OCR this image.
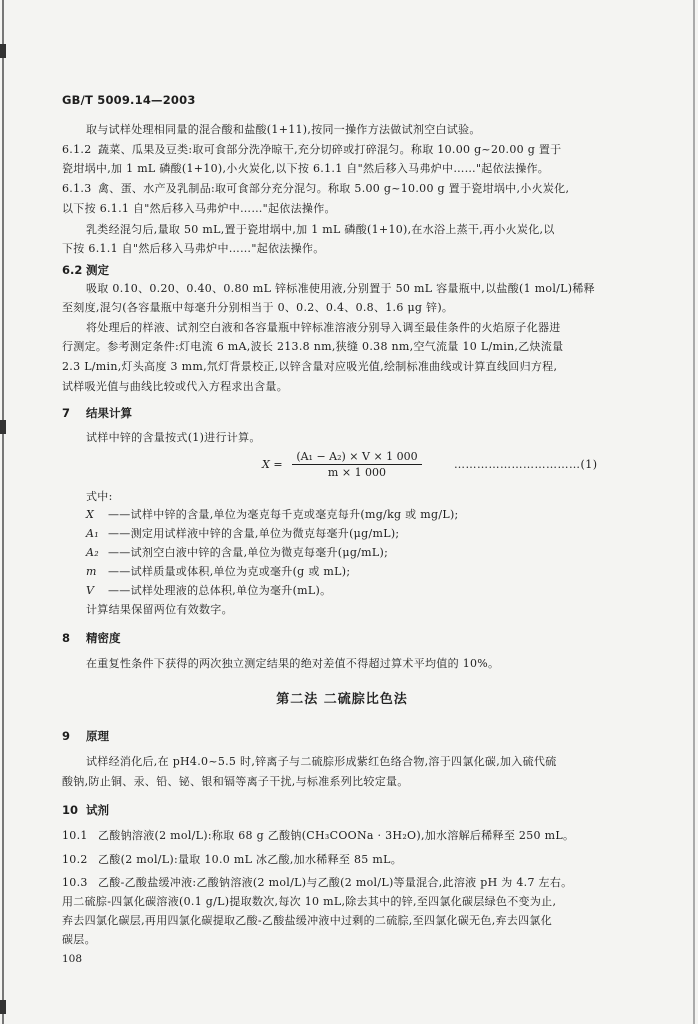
GB/T 5009.14—2003
取与试样处理相同量的混合酸和盐酸(1+11),按同一操作方法做试剂空白试验。
6.1.2 蔬菜、瓜果及豆类:取可食部分洗净晾干,充分切碎或打碎混匀。称取 10.00 g~20.00 g 置于
瓷坩埚中,加 1 mL 磷酸(1+10),小火炭化,以下按 6.1.1 自"然后移入马弗炉中……"起依法操作。
6.1.3 禽、蛋、水产及乳制品:取可食部分充分混匀。称取 5.00 g~10.00 g 置于瓷坩埚中,小火炭化,
以下按 6.1.1 自"然后移入马弗炉中……"起依法操作。
乳类经混匀后,量取 50 mL,置于瓷坩埚中,加 1 mL 磷酸(1+10),在水浴上蒸干,再小火炭化,以
下按 6.1.1 自"然后移入马弗炉中……"起依法操作。
6.2 测定
吸取 0.10、0.20、0.40、0.80 mL 锌标准使用液,分别置于 50 mL 容量瓶中,以盐酸(1 mol/L)稀释
至刻度,混匀(各容量瓶中每毫升分别相当于 0、0.2、0.4、0.8、1.6 μg 锌)。
将处理后的样液、试剂空白液和各容量瓶中锌标准溶液分别导入调至最佳条件的火焰原子化器进
行测定。参考测定条件:灯电流 6 mA,波长 213.8 nm,狭缝 0.38 nm,空气流量 10 L/min,乙炔流量
2.3 L/min,灯头高度 3 mm,氘灯背景校正,以锌含量对应吸光值,绘制标准曲线或计算直线回归方程,
试样吸光值与曲线比较或代入方程求出含量。
7 结果计算
试样中锌的含量按式(1)进行计算。
$X = \frac{\text{(A₁ − A₂) × V × 1 000}}{m \times 1 000}$	……………………………(1)
式中:
X ——试样中锌的含量,单位为毫克每千克或毫克每升(mg/kg 或 mg/L);
A₁ ——测定用试样液中锌的含量,单位为微克每毫升(μg/mL);
A₂ ——试剂空白液中锌的含量,单位为微克每毫升(μg/mL);
m ——试样质量或体积,单位为克或毫升(g 或 mL);
V ——试样处理液的总体积,单位为毫升(mL)。
计算结果保留两位有效数字。
8 精密度
在重复性条件下获得的两次独立测定结果的绝对差值不得超过算术平均值的 10%。
第二法 二硫腙比色法
9 原理
试样经消化后,在 pH4.0~5.5 时,锌离子与二硫腙形成紫红色络合物,溶于四氯化碳,加入硫代硫
酸钠,防止铜、汞、铅、铋、银和镉等离子干扰,与标准系列比较定量。
10 试剂
10.1 乙酸钠溶液(2 mol/L):称取 68 g 乙酸钠(CH₃COONa · 3H₂O),加水溶解后稀释至 250 mL。
10.2 乙酸(2 mol/L):量取 10.0 mL 冰乙酸,加水稀释至 85 mL。
10.3 乙酸-乙酸盐缓冲液:乙酸钠溶液(2 mol/L)与乙酸(2 mol/L)等量混合,此溶液 pH 为 4.7 左右。
用二硫腙-四氯化碳溶液(0.1 g/L)提取数次,每次 10 mL,除去其中的锌,至四氯化碳层绿色不变为止,
弃去四氯化碳层,再用四氯化碳提取乙酸-乙酸盐缓冲液中过剩的二硫腙,至四氯化碳无色,弃去四氯化
碳层。
108
